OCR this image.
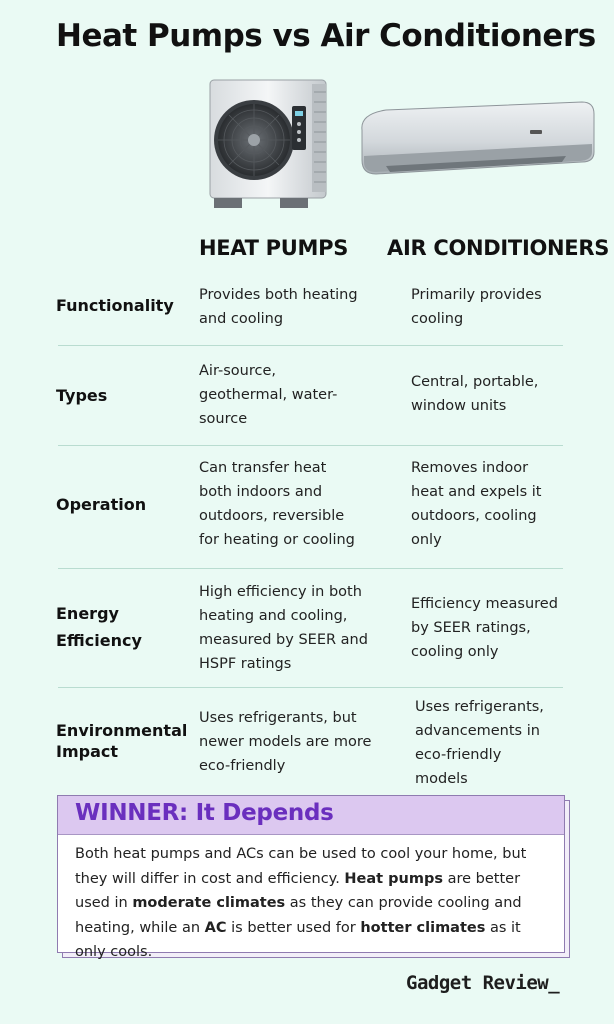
Heat Pumps vs Air Conditioners
HEAT PUMPS AIR CONDITIONERS
Functionality
Provides both heating
and cooling
Primarily provides
cooling
Types
Air-source,
geothermal, water-
source
Central, portable,
window units
Operation
Can transfer heat
both indoors and
outdoors, reversible
for heating or cooling
Removes indoor
heat and expels it
outdoors, cooling
only
Energy
Efficiency
High efficiency in both
heating and cooling,
measured by SEER and
HSPF ratings
Efficiency measured
by SEER ratings,
cooling only
Environmental
Impact
Uses refrigerants, but
newer models are more
eco-friendly
Uses refrigerants,
advancements in
eco-friendly
models
WINNER: It Depends
Both heat pumps and ACs can be used to cool your home, but they will differ in cost and efficiency. Heat pumps are better used in moderate climates as they can provide cooling and heating, while an AC is better used for hotter climates as it only cools.
Gadget Review_
